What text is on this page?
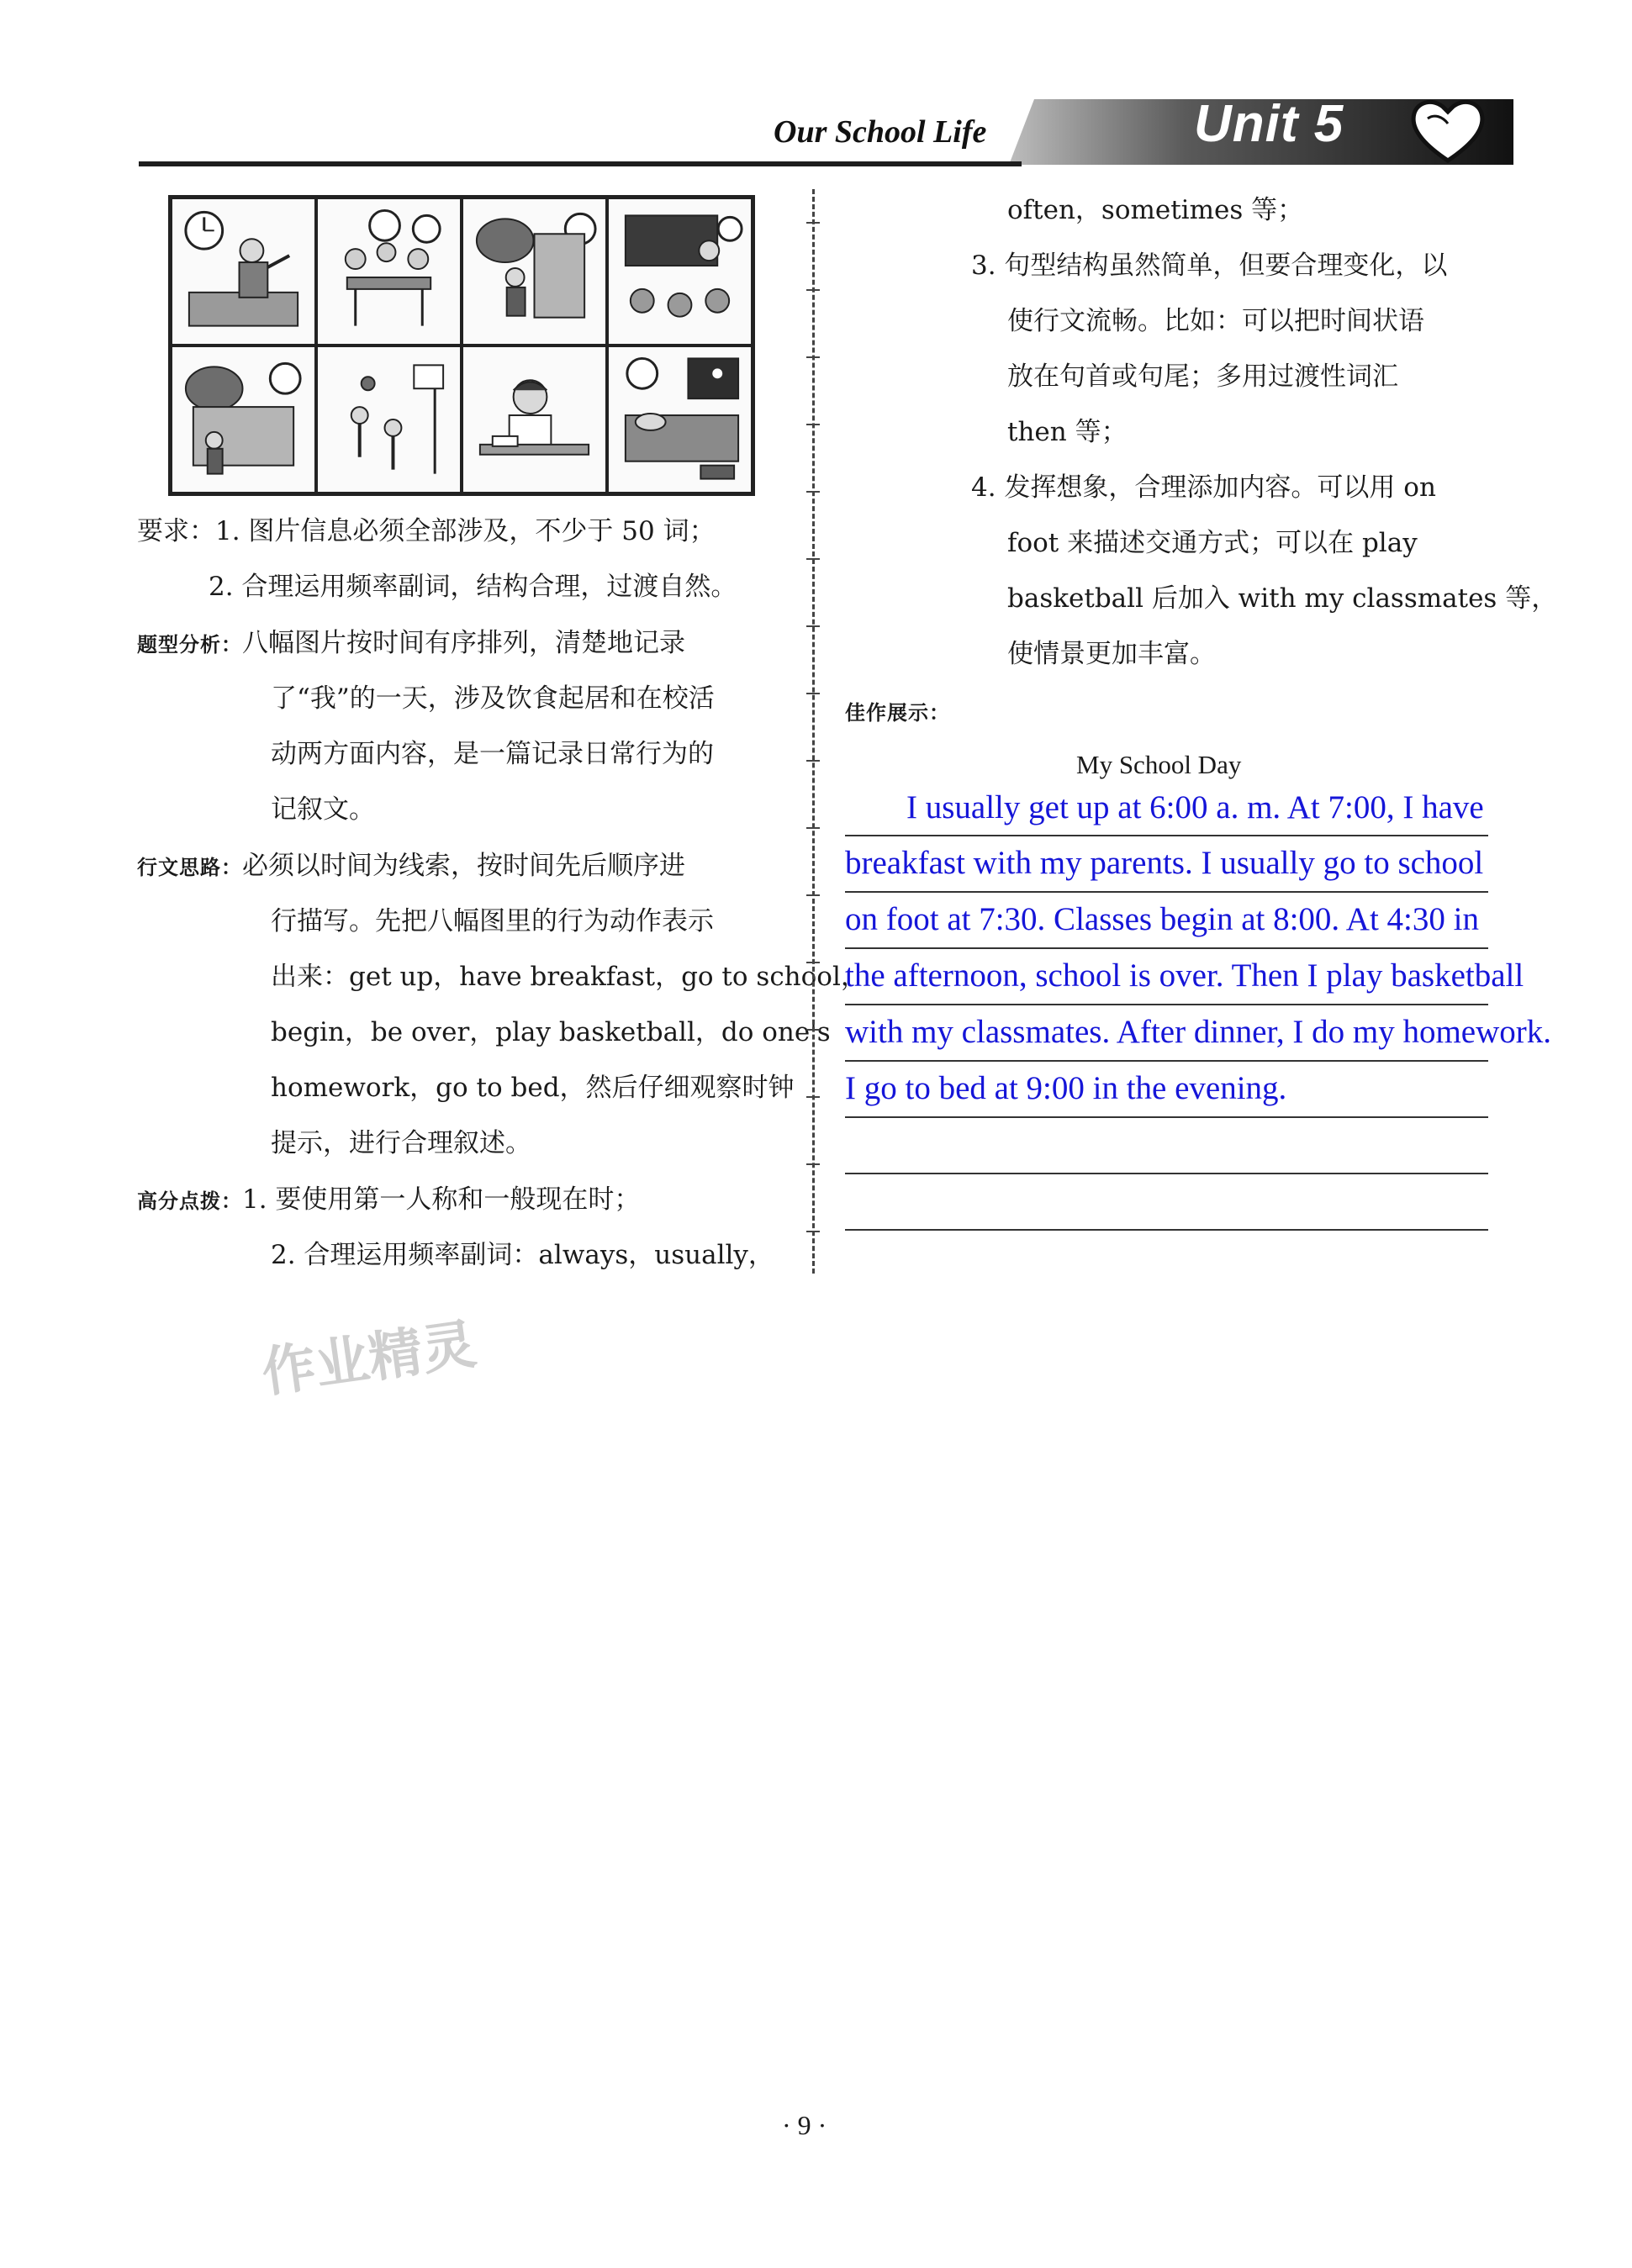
Our School Life	Unit 5
要求：1. 图片信息必须全部涉及，不少于 50 词；
2. 合理运用频率副词，结构合理，过渡自然。
题型分析：八幅图片按时间有序排列，清楚地记录
了“我”的一天，涉及饮食起居和在校活
动两方面内容，是一篇记录日常行为的
记叙文。
行文思路：必须以时间为线索，按时间先后顺序进
行描写。先把八幅图里的行为动作表示
出来：get up，have breakfast，go to school，
begin，be over，play basketball，do one's
homework，go to bed，然后仔细观察时钟
提示，进行合理叙述。
高分点拨：1. 要使用第一人称和一般现在时；
2. 合理运用频率副词：always，usually，
often，sometimes 等；
3. 句型结构虽然简单，但要合理变化，以
使行文流畅。比如：可以把时间状语
放在句首或句尾；多用过渡性词汇
then 等；
4. 发挥想象，合理添加内容。可以用 on
foot 来描述交通方式；可以在 play
basketball 后加入 with my classmates 等，
使情景更加丰富。
佳作展示：
My School Day
I usually get up at 6:00 a. m. At 7:00, I have
breakfast with my parents. I usually go to school
on foot at 7:30. Classes begin at 8:00. At 4:30 in
the afternoon, school is over. Then I play basketball
with my classmates. After dinner, I do my homework.
I go to bed at 9:00 in the evening.
作业精灵
· 9 ·
